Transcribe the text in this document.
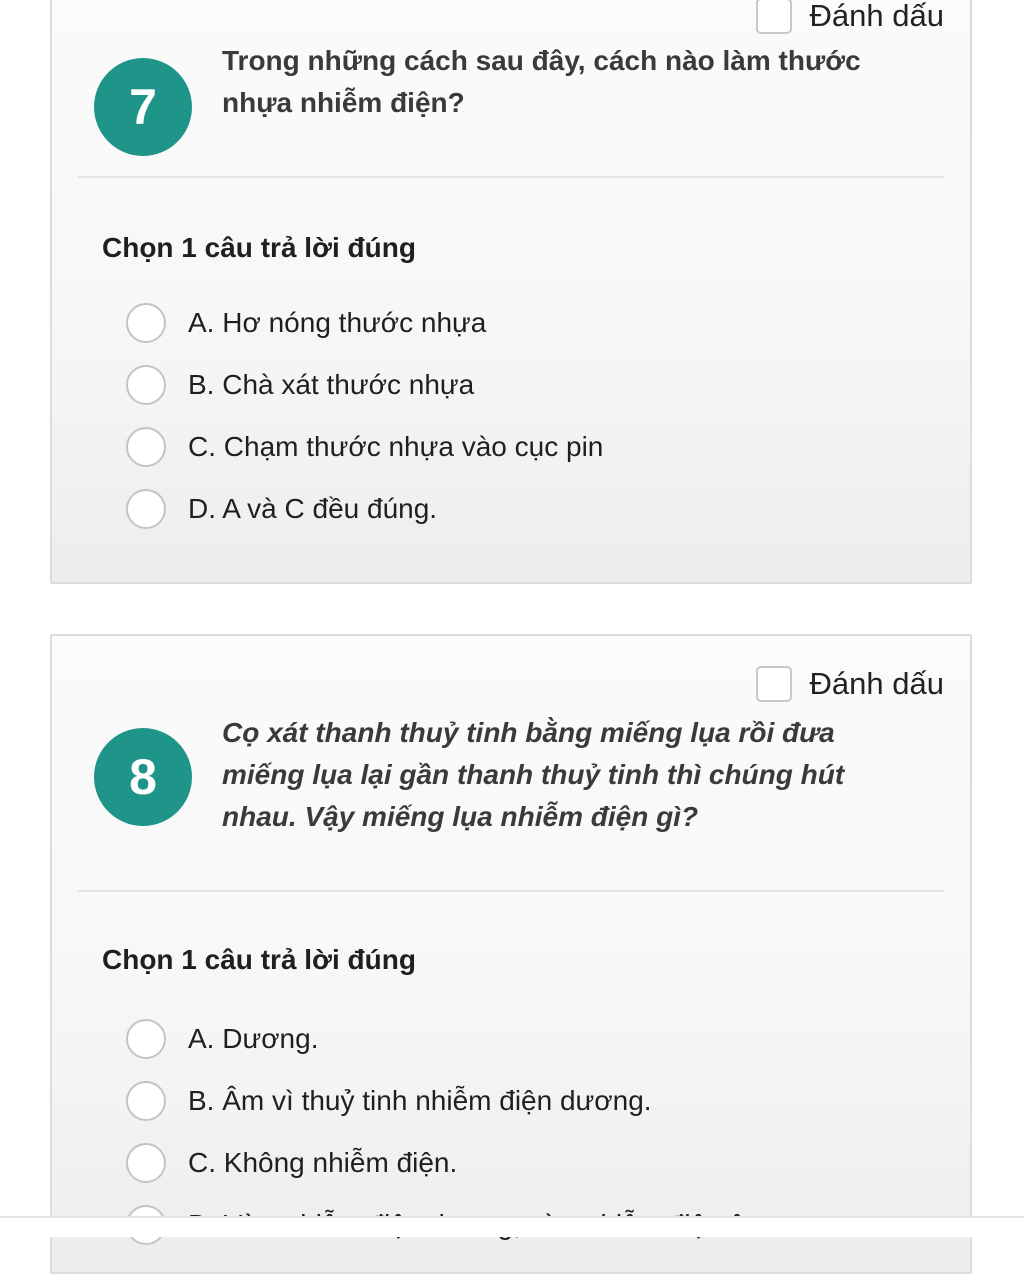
Đánh dấu
7
Trong những cách sau đây, cách nào làm thước nhựa nhiễm điện?
Chọn 1 câu trả lời đúng
A. Hơ nóng thước nhựa
B. Chà xát thước nhựa
C. Chạm thước nhựa vào cục pin
D. A và C đều đúng.
Đánh dấu
8
Cọ xát thanh thuỷ tinh bằng miếng lụa rồi đưa miếng lụa lại gần thanh thuỷ tinh thì chúng hút nhau. Vậy miếng lụa nhiễm điện gì?
Chọn 1 câu trả lời đúng
A. Dương.
B. Âm vì thuỷ tinh nhiễm điện dương.
C. Không nhiễm điện.
